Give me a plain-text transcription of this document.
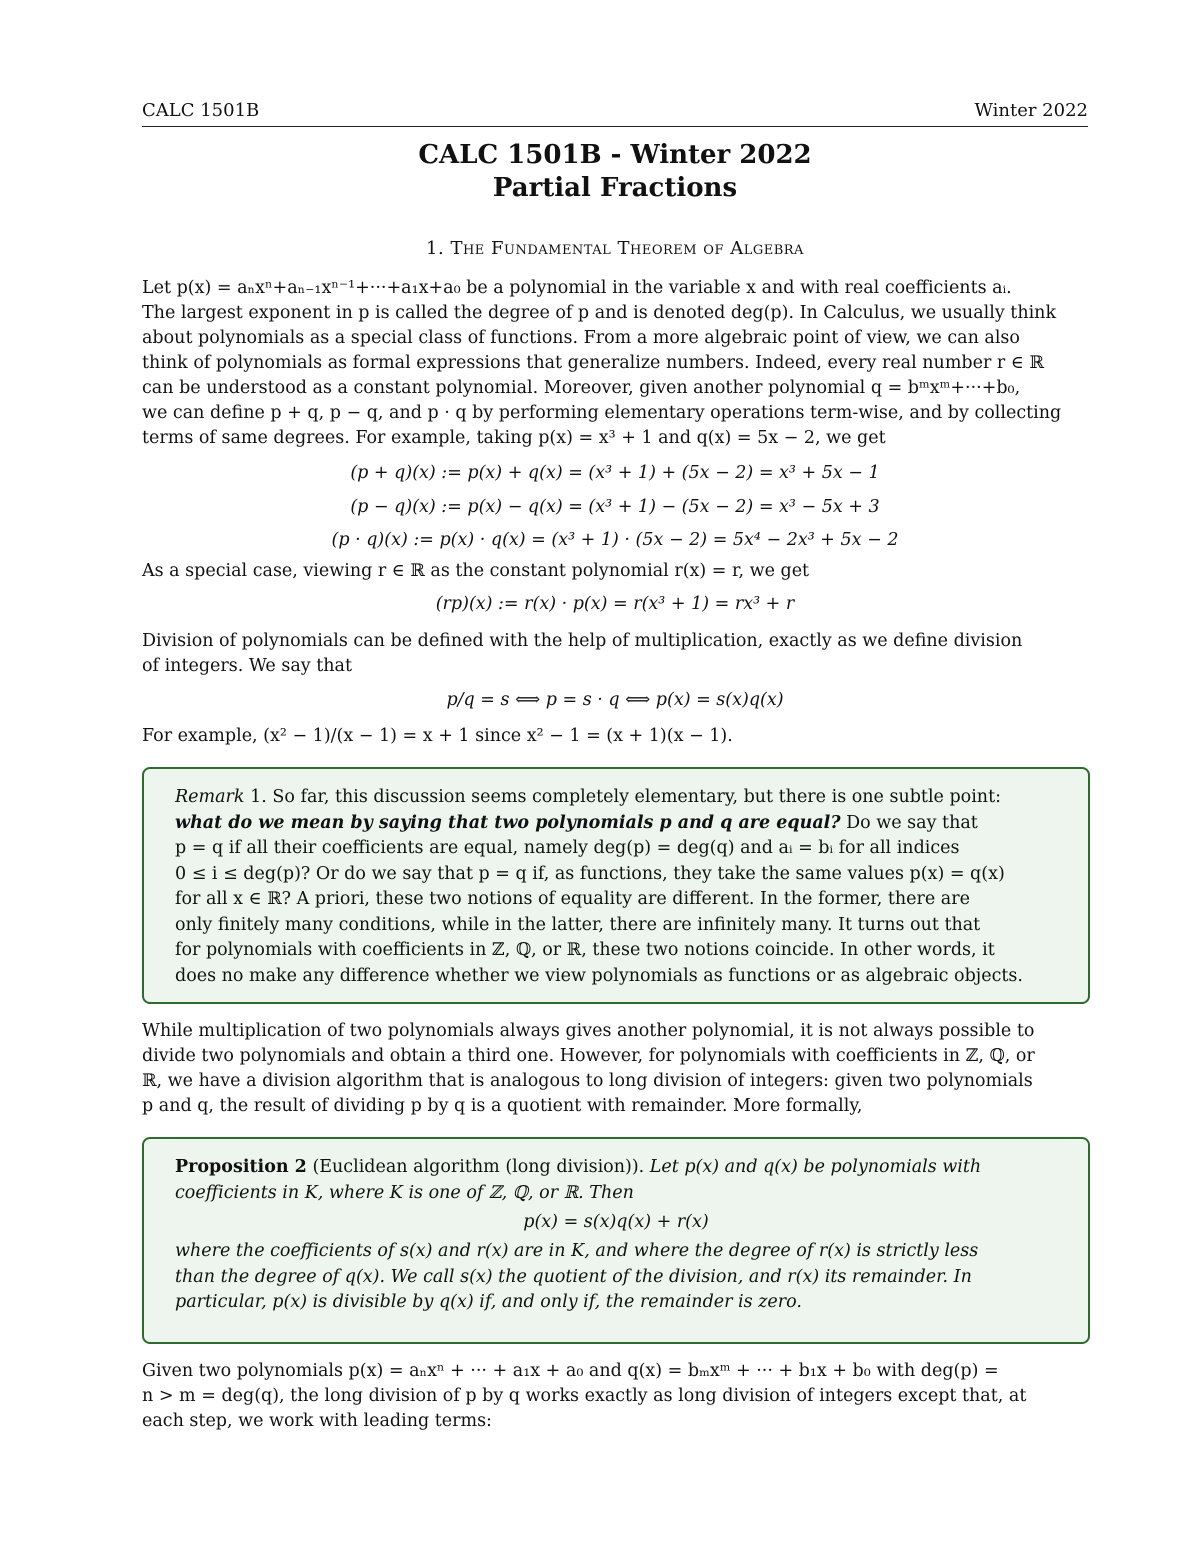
CALC 1501B	Winter 2022
CALC 1501B - Winter 2022
Partial Fractions
1. The Fundamental Theorem of Algebra
Let p(x) = aₙxⁿ+aₙ₋₁xⁿ⁻¹+···+a₁x+a₀ be a polynomial in the variable x and with real coefficients aᵢ.
The largest exponent in p is called the degree of p and is denoted deg(p). In Calculus, we usually think
about polynomials as a special class of functions. From a more algebraic point of view, we can also
think of polynomials as formal expressions that generalize numbers. Indeed, every real number r ∈ ℝ
can be understood as a constant polynomial. Moreover, given another polynomial q = bᵐxᵐ+···+b₀,
we can define p + q, p − q, and p · q by performing elementary operations term-wise, and by collecting
terms of same degrees. For example, taking p(x) = x³ + 1 and q(x) = 5x − 2, we get
(p + q)(x) := p(x) + q(x) = (x³ + 1) + (5x − 2) = x³ + 5x − 1
(p − q)(x) := p(x) − q(x) = (x³ + 1) − (5x − 2) = x³ − 5x + 3
(p · q)(x) := p(x) · q(x) = (x³ + 1) · (5x − 2) = 5x⁴ − 2x³ + 5x − 2
As a special case, viewing r ∈ ℝ as the constant polynomial r(x) = r, we get
(rp)(x) := r(x) · p(x) = r(x³ + 1) = rx³ + r
Division of polynomials can be defined with the help of multiplication, exactly as we define division
of integers. We say that
p/q = s ⟺ p = s · q ⟺ p(x) = s(x)q(x)
For example, (x² − 1)/(x − 1) = x + 1 since x² − 1 = (x + 1)(x − 1).
Remark 1. So far, this discussion seems completely elementary, but there is one subtle point:
what do we mean by saying that two polynomials p and q are equal? Do we say that
p = q if all their coefficients are equal, namely deg(p) = deg(q) and aᵢ = bᵢ for all indices
0 ≤ i ≤ deg(p)? Or do we say that p = q if, as functions, they take the same values p(x) = q(x)
for all x ∈ ℝ? A priori, these two notions of equality are different. In the former, there are
only finitely many conditions, while in the latter, there are infinitely many. It turns out that
for polynomials with coefficients in ℤ, ℚ, or ℝ, these two notions coincide. In other words, it
does no make any difference whether we view polynomials as functions or as algebraic objects.
While multiplication of two polynomials always gives another polynomial, it is not always possible to
divide two polynomials and obtain a third one. However, for polynomials with coefficients in ℤ, ℚ, or
ℝ, we have a division algorithm that is analogous to long division of integers: given two polynomials
p and q, the result of dividing p by q is a quotient with remainder. More formally,
Proposition 2 (Euclidean algorithm (long division)). Let p(x) and q(x) be polynomials with
coefficients in K, where K is one of ℤ, ℚ, or ℝ. Then
p(x) = s(x)q(x) + r(x)
where the coefficients of s(x) and r(x) are in K, and where the degree of r(x) is strictly less
than the degree of q(x). We call s(x) the quotient of the division, and r(x) its remainder. In
particular, p(x) is divisible by q(x) if, and only if, the remainder is zero.
Given two polynomials p(x) = aₙxⁿ + ··· + a₁x + a₀ and q(x) = bₘxᵐ + ··· + b₁x + b₀ with deg(p) =
n > m = deg(q), the long division of p by q works exactly as long division of integers except that, at
each step, we work with leading terms:
